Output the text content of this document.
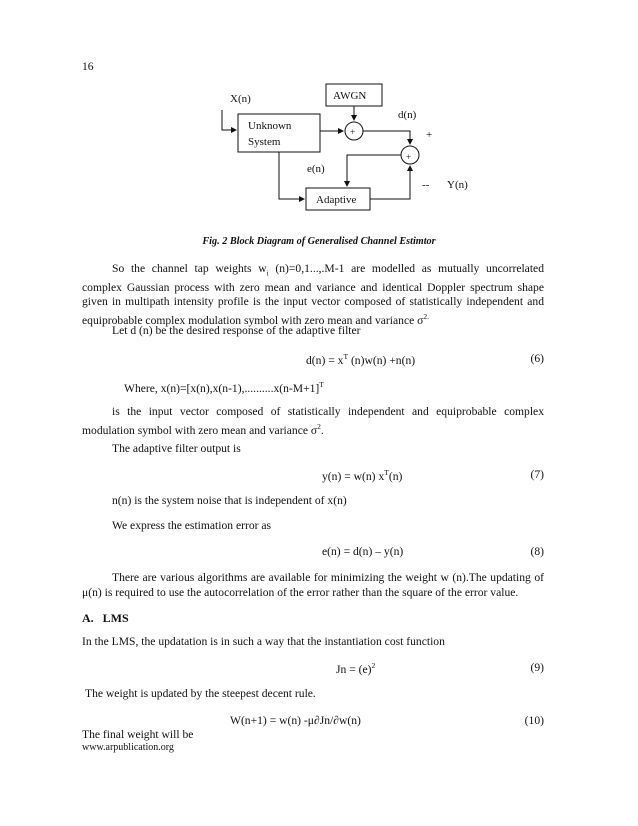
16
X(n)	AWGN
d(n)
Unknown
System
+	+
+
e(n)
-- Y(n)
Adaptive
Fig. 2 Block Diagram of Generalised Channel Estimtor
So the channel tap weights $w_i$ (n)=0,1...,.M-1 are modelled as mutually uncorrelated complex Gaussian process with zero mean and variance and identical Doppler spectrum shape given in multipath intensity profile is the input vector composed of statistically independent and equiprobable complex modulation symbol with zero mean and variance $\sigma^{2.}$
Let d (n) be the desired response of the adaptive filter
$d(n) = x^T$ (n)w(n) +n(n)	(6)
Where, $x(n)=[x(n),x(n-1),..........x(n-M+1]^T$
is the input vector composed of statistically independent and equiprobable complex modulation symbol with zero mean and variance $\sigma^2$.
The adaptive filter output is
y(n) = w(n) $x^T(n)$	(7)
n(n) is the system noise that is independent of x(n)
We express the estimation error as
e(n) = d(n) – y(n)	(8)
There are various algorithms are available for minimizing the weight w (n).The updating of μ(n) is required to use the autocorrelation of the error rather than the square of the error value.
A.   LMS
In the LMS, the updatation is in such a way that the instantiation cost function
$Jn = (e)^2$	(9)
The weight is updated by the steepest decent rule.
W(n+1) = w(n) -μ∂Jn/∂w(n)	(10)
The final weight will be
www.arpublication.org
